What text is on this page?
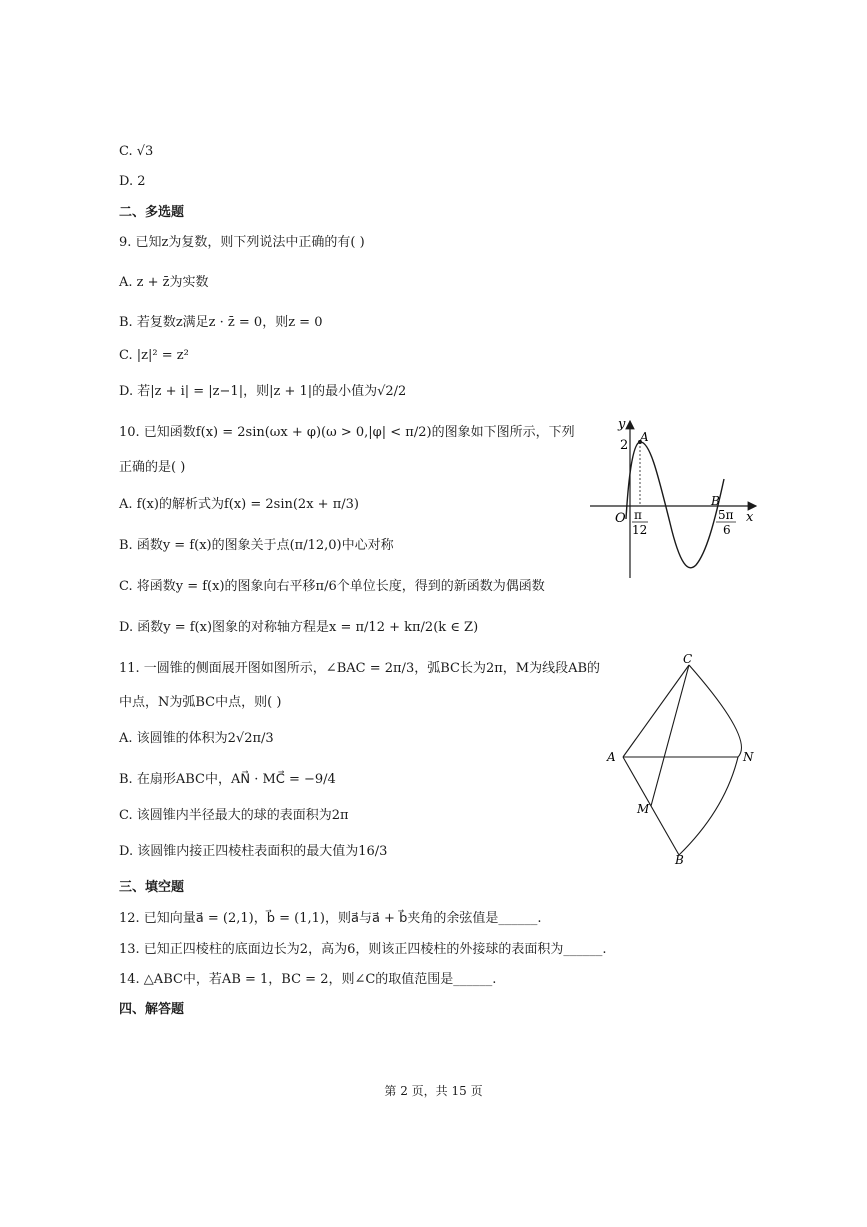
C. √3
D. 2
二、多选题
9. 已知z为复数，则下列说法中正确的有( )
A. z + z̄为实数
B. 若复数z满足z · z̄ = 0，则z = 0
C. |z|² = z²
D. 若|z + i| = |z−1|，则|z + 1|的最小值为√2/2
10. 已知函数f(x) = 2sin(ωx + φ)(ω > 0,|φ| < π/2)的图象如下图所示，下列
正确的是( )
A. f(x)的解析式为f(x) = 2sin(2x + π/3)
B. 函数y = f(x)的图象关于点(π/12,0)中心对称
C. 将函数y = f(x)的图象向右平移π/6个单位长度，得到的新函数为偶函数
D. 函数y = f(x)图象的对称轴方程是x = π/12 + kπ/2(k ∈ Z)
11. 一圆锥的侧面展开图如图所示，∠BAC = 2π/3，弧BC长为2π，M为线段AB的
中点，N为弧BC中点，则( )
A. 该圆锥的体积为2√2π/3
B. 在扇形ABC中，AN⃗ · MC⃗ = −9/4
C. 该圆锥内半径最大的球的表面积为2π
D. 该圆锥内接正四棱柱表面积的最大值为16/3
三、填空题
12. 已知向量a⃗ = (2,1)，b⃗ = (1,1)，则a⃗与a⃗ + b⃗夹角的余弦值是______.
13. 已知正四棱柱的底面边长为2，高为6，则该正四棱柱的外接球的表面积为______.
14. △ABC中，若AB = 1，BC = 2，则∠C的取值范围是______.
四、解答题
y
x
O
2
A
B
π
12
5π
6
C
A	N
M
B
第 2 页，共 15 页
